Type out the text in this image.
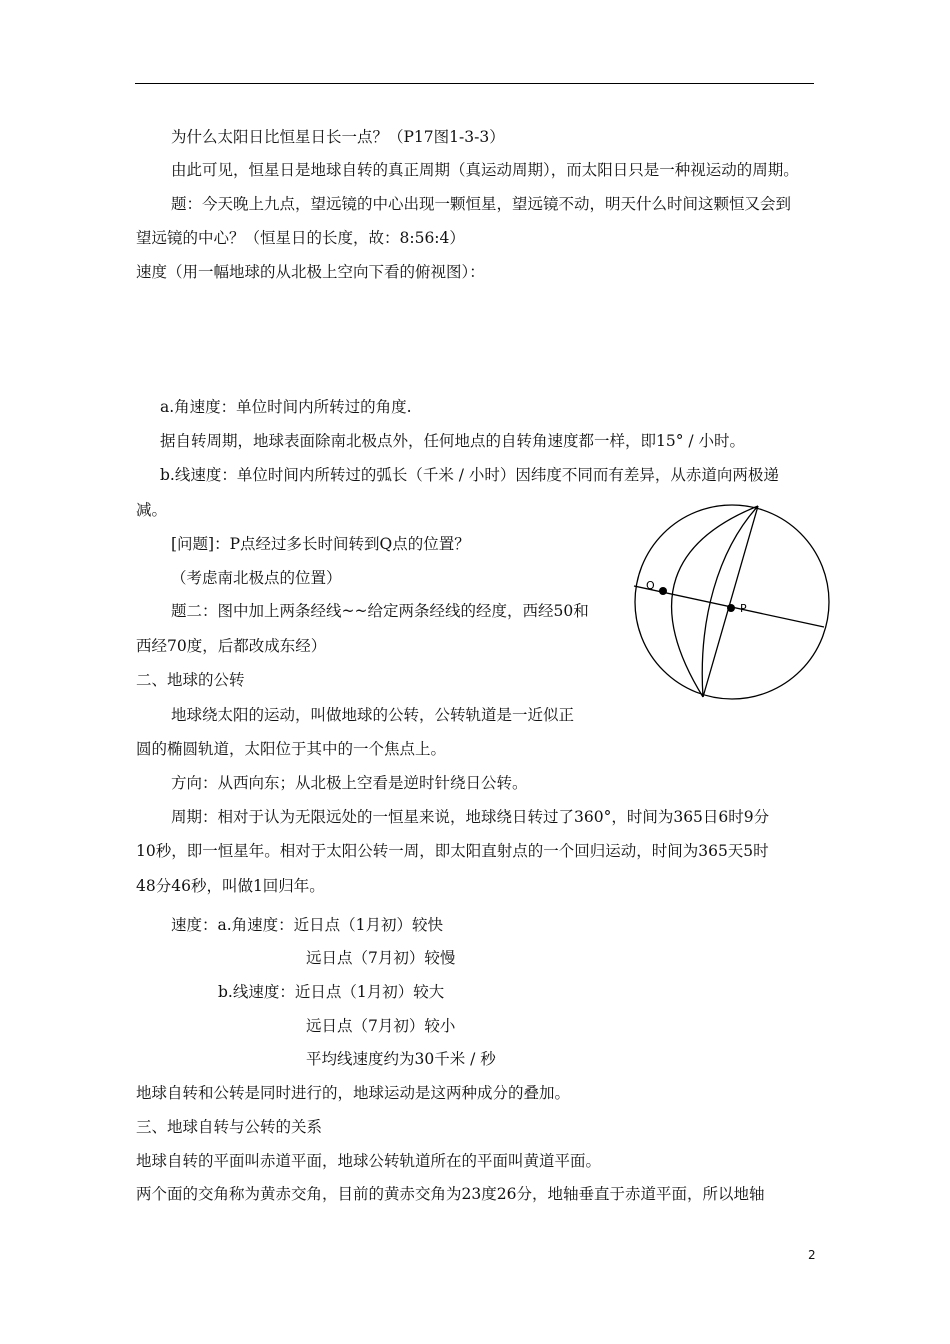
为什么太阳日比恒星日长一点？（P17图1-3-3）
由此可见，恒星日是地球自转的真正周期（真运动周期），而太阳日只是一种视运动的周期。
题：今天晚上九点，望远镜的中心出现一颗恒星，望远镜不动，明天什么时间这颗恒又会到
望远镜的中心？（恒星日的长度，故：8:56:4）
速度（用一幅地球的从北极上空向下看的俯视图）：
a.角速度：单位时间内所转过的角度.
据自转周期，地球表面除南北极点外，任何地点的自转角速度都一样，即15° / 小时。
b.线速度：单位时间内所转过的弧长（千米 / 小时）因纬度不同而有差异，从赤道向两极递
减。
[问题]：P点经过多长时间转到Q点的位置？
（考虑南北极点的位置）
题二：图中加上两条经线~~给定两条经线的经度，西经50和
西经70度，后都改成东经）
二、地球的公转
地球绕太阳的运动，叫做地球的公转，公转轨道是一近似正
圆的椭圆轨道，太阳位于其中的一个焦点上。
方向：从西向东；从北极上空看是逆时针绕日公转。
周期：相对于认为无限远处的一恒星来说，地球绕日转过了360°，时间为365日6时9分
10秒，即一恒星年。相对于太阳公转一周，即太阳直射点的一个回归运动，时间为365天5时
48分46秒，叫做1回归年。
速度：a.角速度：近日点（1月初）较快
远日点（7月初）较慢
b.线速度：近日点（1月初）较大
远日点（7月初）较小
平均线速度约为30千米 / 秒
地球自转和公转是同时进行的，地球运动是这两种成分的叠加。
三、地球自转与公转的关系
地球自转的平面叫赤道平面，地球公转轨道所在的平面叫黄道平面。
两个面的交角称为黄赤交角，目前的黄赤交角为23度26分，地轴垂直于赤道平面，所以地轴
Q
P
2
